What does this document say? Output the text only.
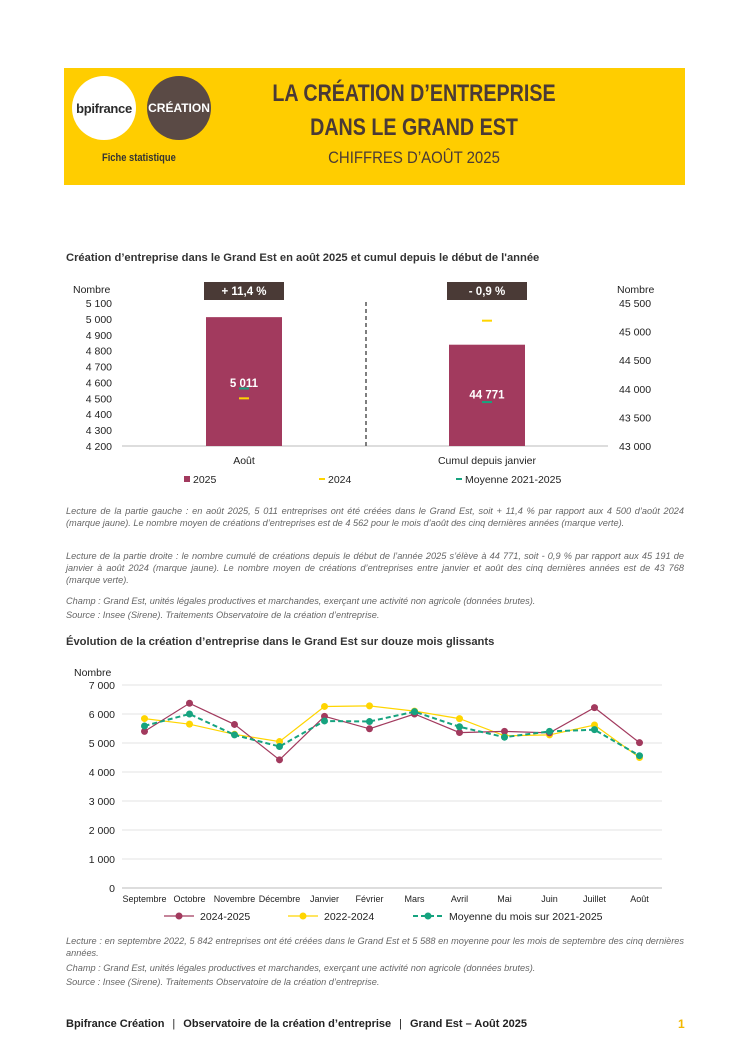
bpifrance CRÉATION
Fiche statistique
LA CRÉATION D’ENTREPRISE
DANS LE GRAND EST
CHIFFRES D’AOÛT 2025
Création d’entreprise dans le Grand Est en août 2025 et cumul depuis le début de l'année
Nombre	Nombre
4 200
4 300
4 400
4 500
4 600
4 700
4 800
4 900
5 000
5 100
43 000
43 500
44 000
44 500
45 000
45 500
5 011
+ 11,4 %
Août
44 771
- 0,9 %
Cumul depuis janvier
2025	2024	Moyenne 2021-2025
Lecture de la partie gauche : en août 2025, 5 011 entreprises ont été créées dans le Grand Est, soit + 11,4 % par rapport aux 4 500 d’août 2024 (marque jaune). Le nombre moyen de créations d’entreprises est de 4 562 pour le mois d’août des cinq dernières années (marque verte).
Lecture de la partie droite : le nombre cumulé de créations depuis le début de l’année 2025 s’élève à 44 771, soit - 0,9 % par rapport aux 45 191 de janvier à août 2024 (marque jaune). Le nombre moyen de créations d’entreprises entre janvier et août des cinq dernières années est de 43 768 (marque verte).
Champ : Grand Est, unités légales productives et marchandes, exerçant une activité non agricole (données brutes).
Source : Insee (Sirene). Traitements Observatoire de la création d’entreprise.
Évolution de la création d’entreprise dans le Grand Est sur douze mois glissants
Nombre
0
1 000
2 000
3 000
4 000
5 000
6 000
7 000
Septembre Octobre Novembre Décembre Janvier Février Mars	Avril	Mai	Juin	Juillet	Août
2024-2025	2022-2024	Moyenne du mois sur 2021-2025
Lecture : en septembre 2022, 5 842 entreprises ont été créées dans le Grand Est et 5 588 en moyenne pour les mois de septembre des cinq dernières années.
Champ : Grand Est, unités légales productives et marchandes, exerçant une activité non agricole (données brutes).
Source : Insee (Sirene). Traitements Observatoire de la création d’entreprise.
Bpifrance Création | Observatoire de la création d’entreprise | Grand Est – Août 2025	1
